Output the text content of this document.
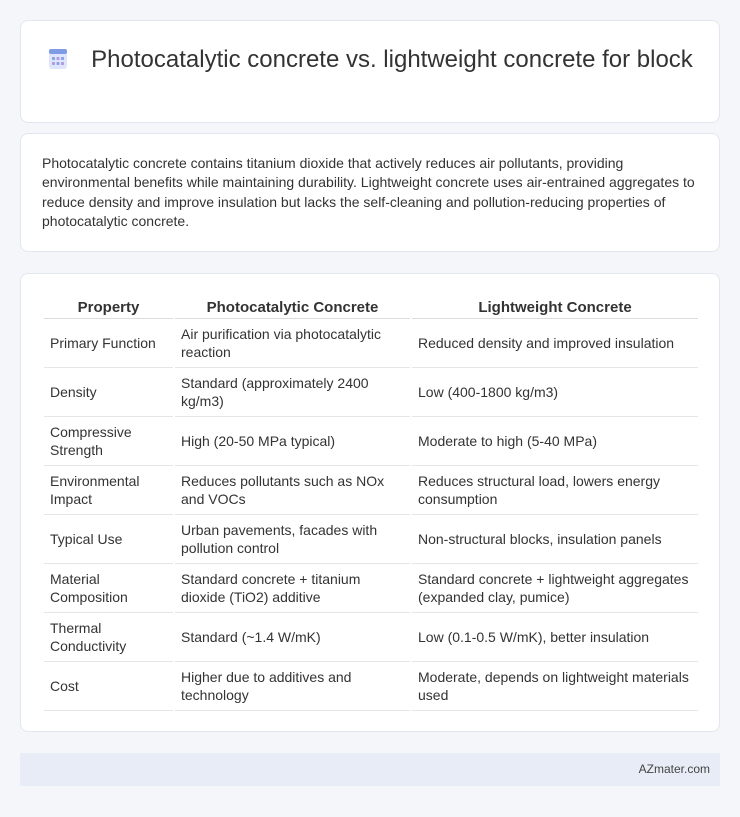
Photocatalytic concrete vs. lightweight concrete for block

Photocatalytic concrete contains titanium dioxide that actively reduces air pollutants, providing environmental benefits while maintaining durability. Lightweight concrete uses air-entrained aggregates to reduce density and improve insulation but lacks the self-cleaning and pollution-reducing properties of photocatalytic concrete.

Property	Photocatalytic Concrete	Lightweight Concrete
Primary Function	Air purification via photocatalytic reaction	Reduced density and improved insulation
Density	Standard (approximately 2400 kg/m3)	Low (400-1800 kg/m3)
Compressive Strength	High (20-50 MPa typical)	Moderate to high (5-40 MPa)
Environmental Impact	Reduces pollutants such as NOx and VOCs	Reduces structural load, lowers energy consumption
Typical Use	Urban pavements, facades with pollution control	Non-structural blocks, insulation panels
Material Composition	Standard concrete + titanium dioxide (TiO2) additive	Standard concrete + lightweight aggregates (expanded clay, pumice)
Thermal Conductivity	Standard (~1.4 W/mK)	Low (0.1-0.5 W/mK), better insulation
Cost	Higher due to additives and technology	Moderate, depends on lightweight materials used
AZmater.com
